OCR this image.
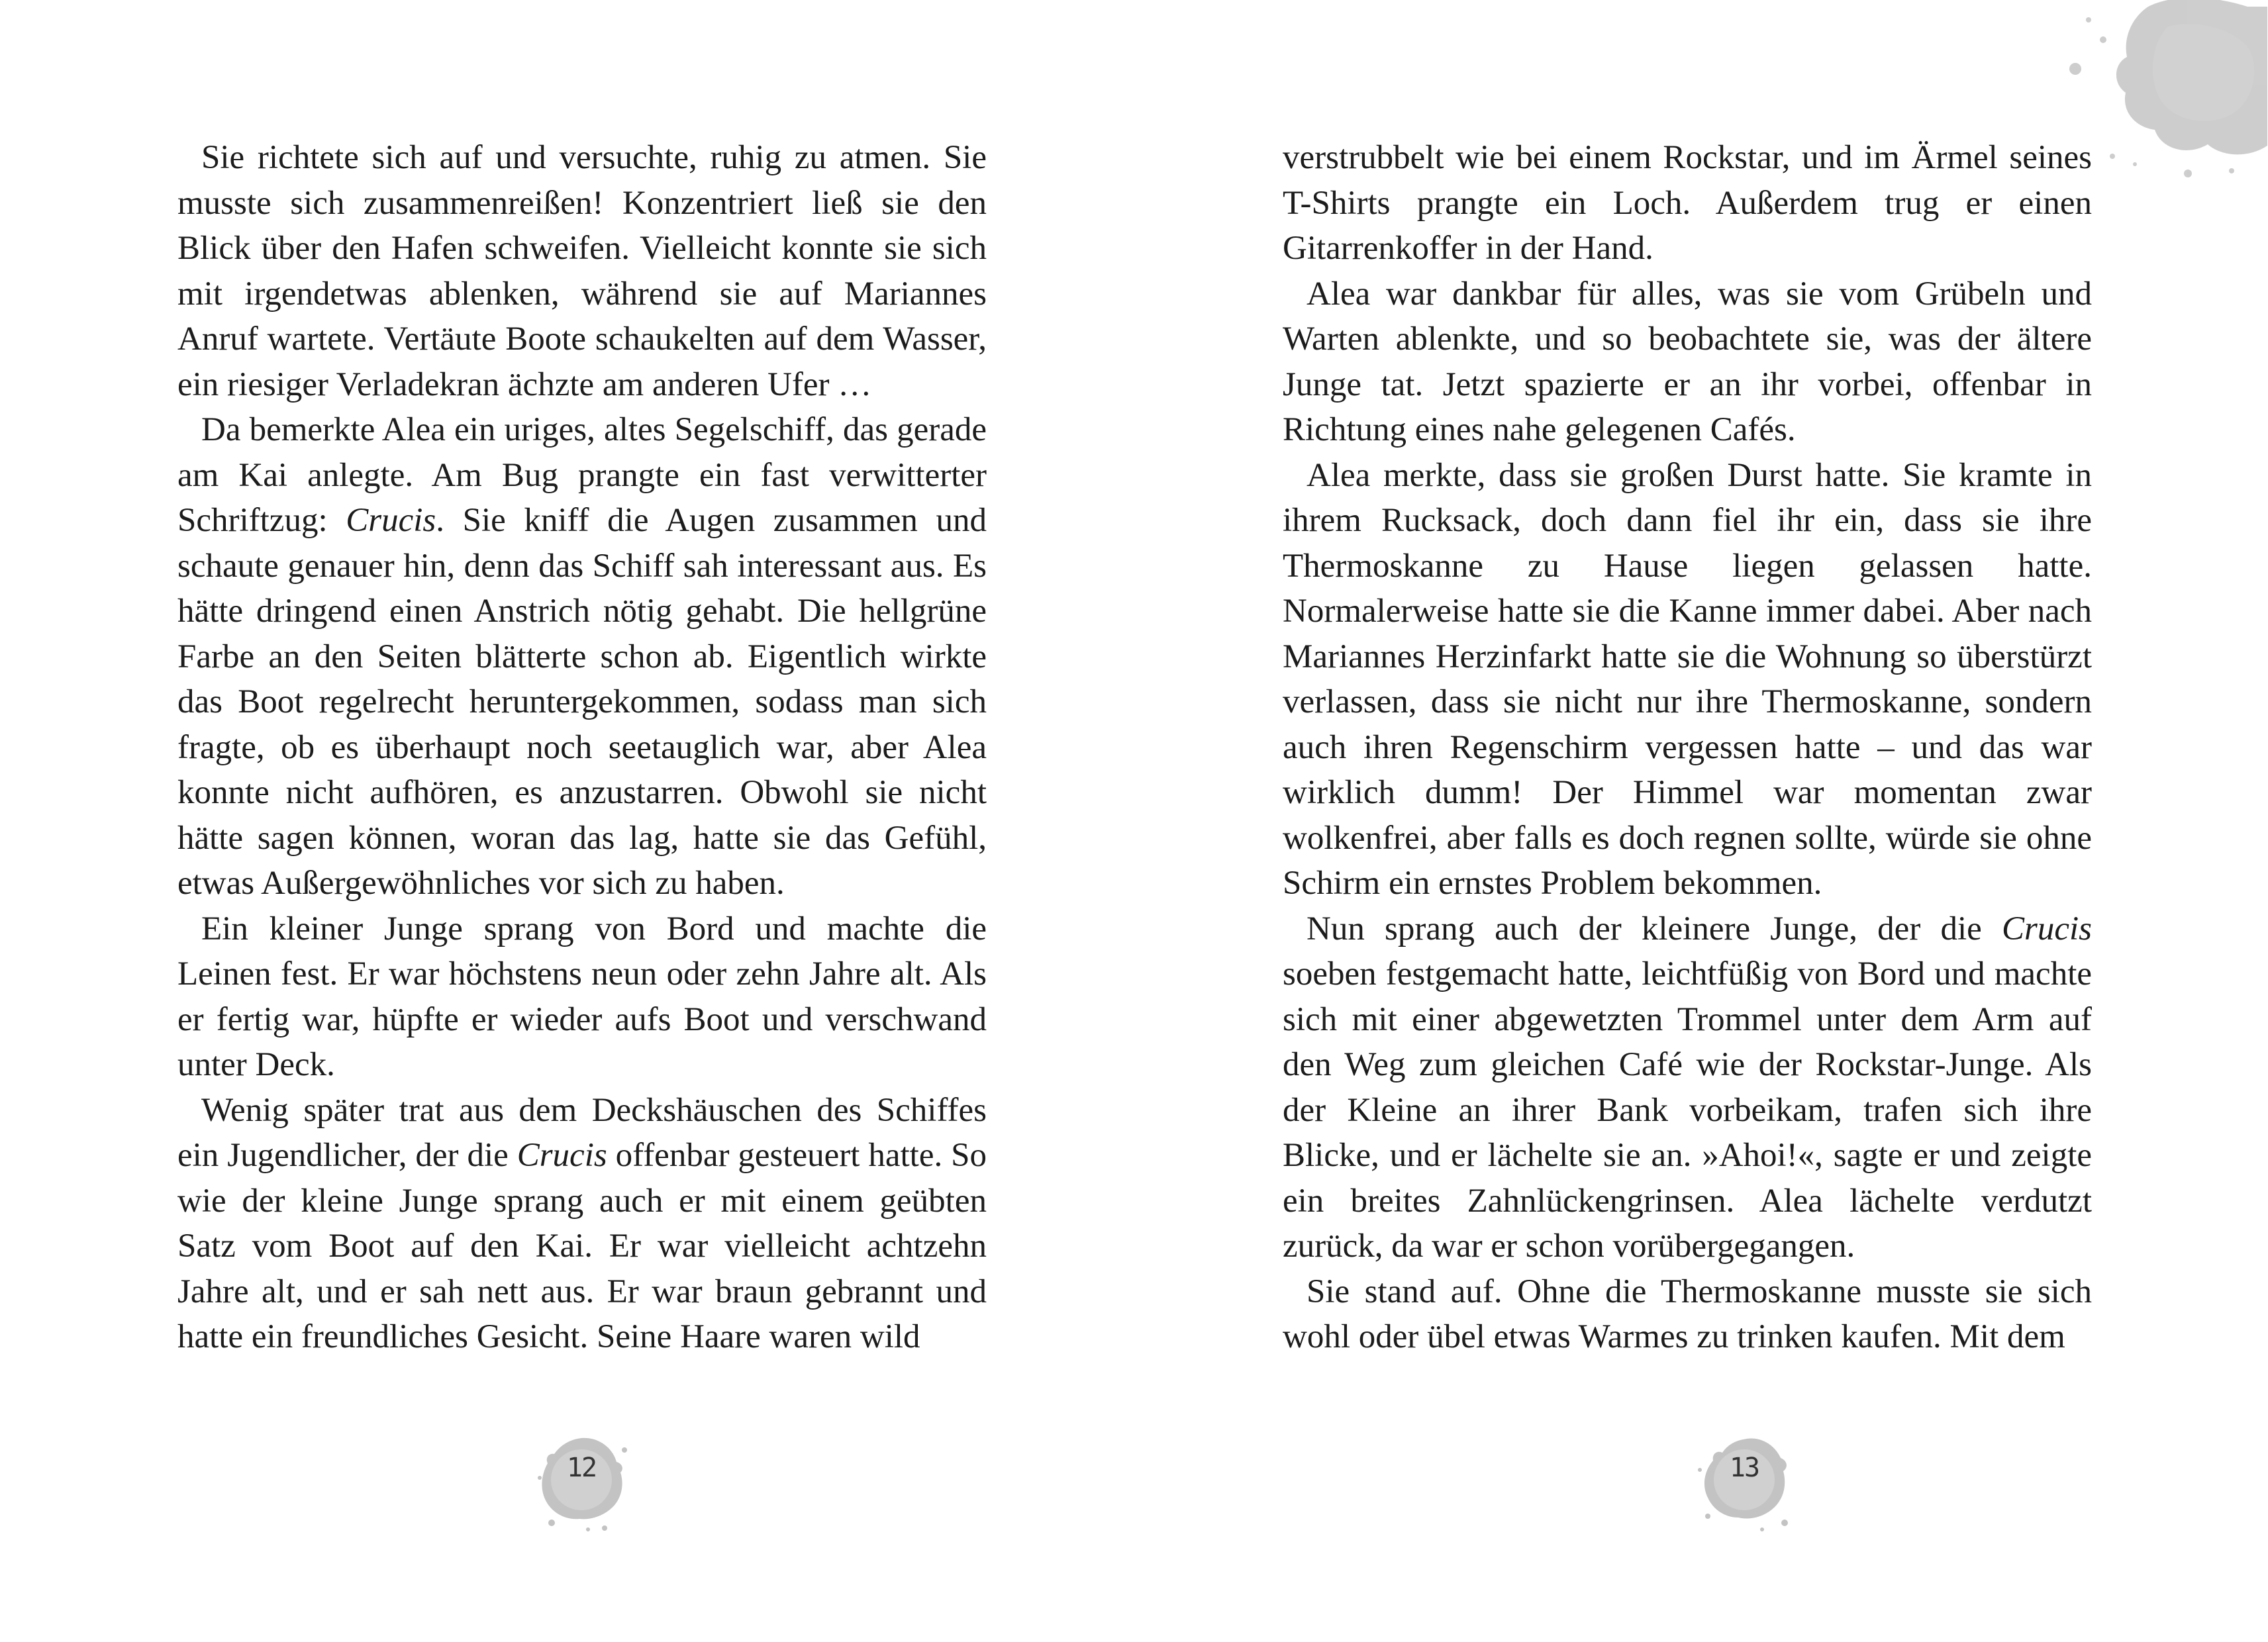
Sie richtete sich auf und versuchte, ruhig zu atmen. Sie musste sich zusammenreißen! Konzentriert ließ sie den Blick über den Hafen schweifen. Vielleicht konnte sie sich mit irgendetwas ablenken, während sie auf Mariannes Anruf wartete. Vertäute Boote schaukelten auf dem Wasser, ein riesiger Verladekran ächzte am anderen Ufer …

Da bemerkte Alea ein uriges, altes Segelschiff, das gerade am Kai anlegte. Am Bug prangte ein fast verwitterter Schriftzug: Crucis. Sie kniff die Augen zusammen und schaute genauer hin, denn das Schiff sah interessant aus. Es hätte dringend einen Anstrich nötig gehabt. Die hellgrüne Farbe an den Seiten blätterte schon ab. Eigentlich wirkte das Boot regelrecht heruntergekommen, sodass man sich fragte, ob es überhaupt noch seetauglich war, aber Alea konnte nicht aufhören, es anzustarren. Obwohl sie nicht hätte sagen können, woran das lag, hatte sie das Gefühl, etwas Außergewöhnliches vor sich zu haben.

Ein kleiner Junge sprang von Bord und machte die Leinen fest. Er war höchstens neun oder zehn Jahre alt. Als er fertig war, hüpfte er wieder aufs Boot und verschwand unter Deck.

Wenig später trat aus dem Deckshäuschen des Schiffes ein Jugendlicher, der die Crucis offenbar gesteuert hatte. So wie der kleine Junge sprang auch er mit einem geübten Satz vom Boot auf den Kai. Er war vielleicht achtzehn Jahre alt, und er sah nett aus. Er war braun gebrannt und hatte ein freundliches Gesicht. Seine Haare waren wild

12

verstrubbelt wie bei einem Rockstar, und im Ärmel seines T-Shirts prangte ein Loch. Außerdem trug er einen Gitarrenkoffer in der Hand.

Alea war dankbar für alles, was sie vom Grübeln und Warten ablenkte, und so beobachtete sie, was der ältere Junge tat. Jetzt spazierte er an ihr vorbei, offenbar in Richtung eines nahe gelegenen Cafés.

Alea merkte, dass sie großen Durst hatte. Sie kramte in ihrem Rucksack, doch dann fiel ihr ein, dass sie ihre Thermoskanne zu Hause liegen gelassen hatte. Normalerweise hatte sie die Kanne immer dabei. Aber nach Mariannes Herzinfarkt hatte sie die Wohnung so überstürzt verlassen, dass sie nicht nur ihre Thermoskanne, sondern auch ihren Regenschirm vergessen hatte – und das war wirklich dumm! Der Himmel war momentan zwar wolkenfrei, aber falls es doch regnen sollte, würde sie ohne Schirm ein ernstes Problem bekommen.

Nun sprang auch der kleinere Junge, der die Crucis soeben festgemacht hatte, leichtfüßig von Bord und machte sich mit einer abgewetzten Trommel unter dem Arm auf den Weg zum gleichen Café wie der Rockstar-Junge. Als der Kleine an ihrer Bank vorbeikam, trafen sich ihre Blicke, und er lächelte sie an. »Ahoi!«, sagte er und zeigte ein breites Zahnlückengrinsen. Alea lächelte verdutzt zurück, da war er schon vorübergegangen.

Sie stand auf. Ohne die Thermoskanne musste sie sich wohl oder übel etwas Warmes zu trinken kaufen. Mit dem

13
